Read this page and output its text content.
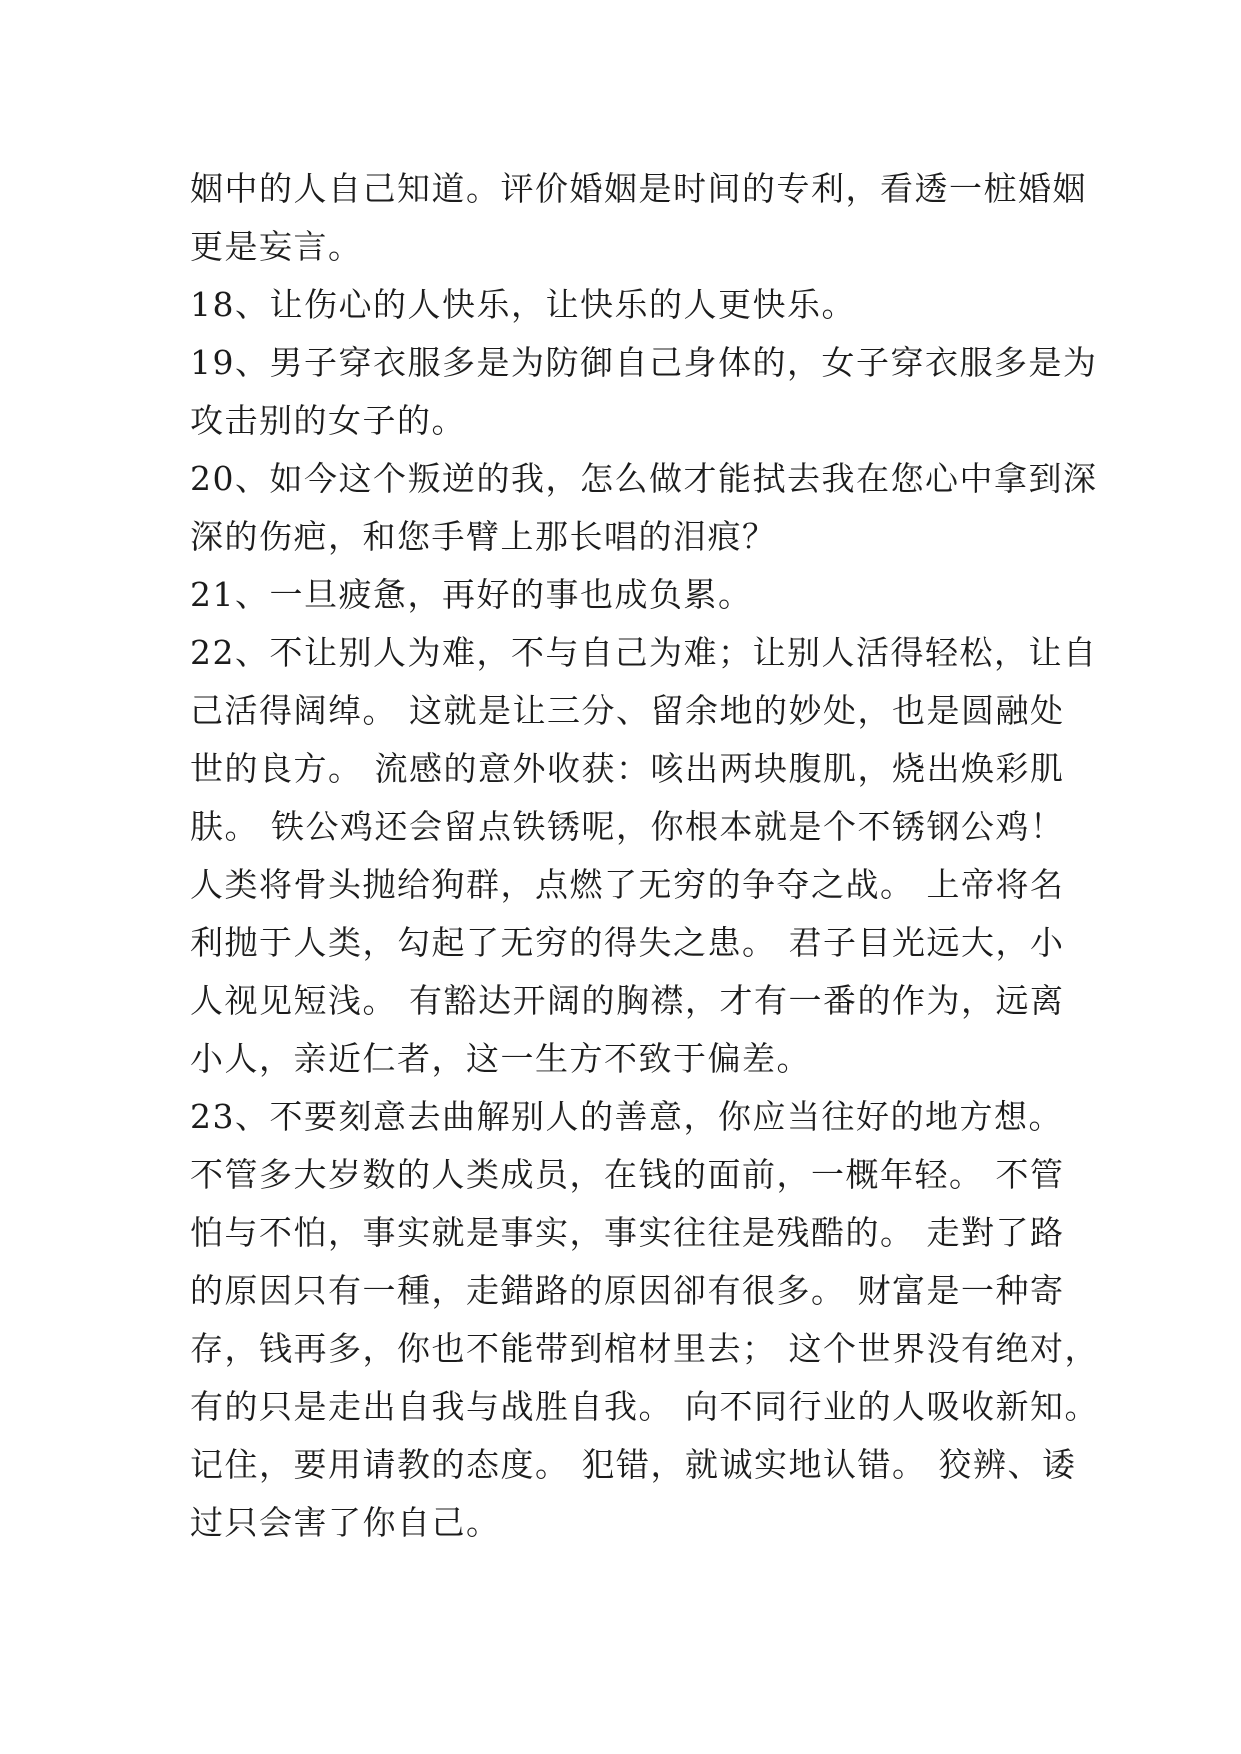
姻中的人自己知道。评价婚姻是时间的专利，看透一桩婚姻
更是妄言。
18、让伤心的人快乐，让快乐的人更快乐。
19、男子穿衣服多是为防御自己身体的，女子穿衣服多是为
攻击别的女子的。
20、如今这个叛逆的我，怎么做才能拭去我在您心中拿到深
深的伤疤，和您手臂上那长唱的泪痕？
21、一旦疲惫，再好的事也成负累。
22、不让别人为难，不与自己为难；让别人活得轻松，让自
己活得阔绰。 这就是让三分、留余地的妙处，也是圆融处
世的良方。 流感的意外收获：咳出两块腹肌，烧出焕彩肌
肤。 铁公鸡还会留点铁锈呢，你根本就是个不锈钢公鸡！
人类将骨头抛给狗群，点燃了无穷的争夺之战。 上帝将名
利抛于人类，勾起了无穷的得失之患。 君子目光远大，小
人视见短浅。 有豁达开阔的胸襟，才有一番的作为，远离
小人，亲近仁者，这一生方不致于偏差。
23、不要刻意去曲解别人的善意，你应当往好的地方想。
不管多大岁数的人类成员，在钱的面前，一概年轻。 不管
怕与不怕，事实就是事实，事实往往是残酷的。 走對了路
的原因只有一種，走錯路的原因卻有很多。 财富是一种寄
存，钱再多，你也不能带到棺材里去； 这个世界没有绝对，
有的只是走出自我与战胜自我。 向不同行业的人吸收新知。
记住，要用请教的态度。 犯错，就诚实地认错。 狡辨、诿
过只会害了你自己。
